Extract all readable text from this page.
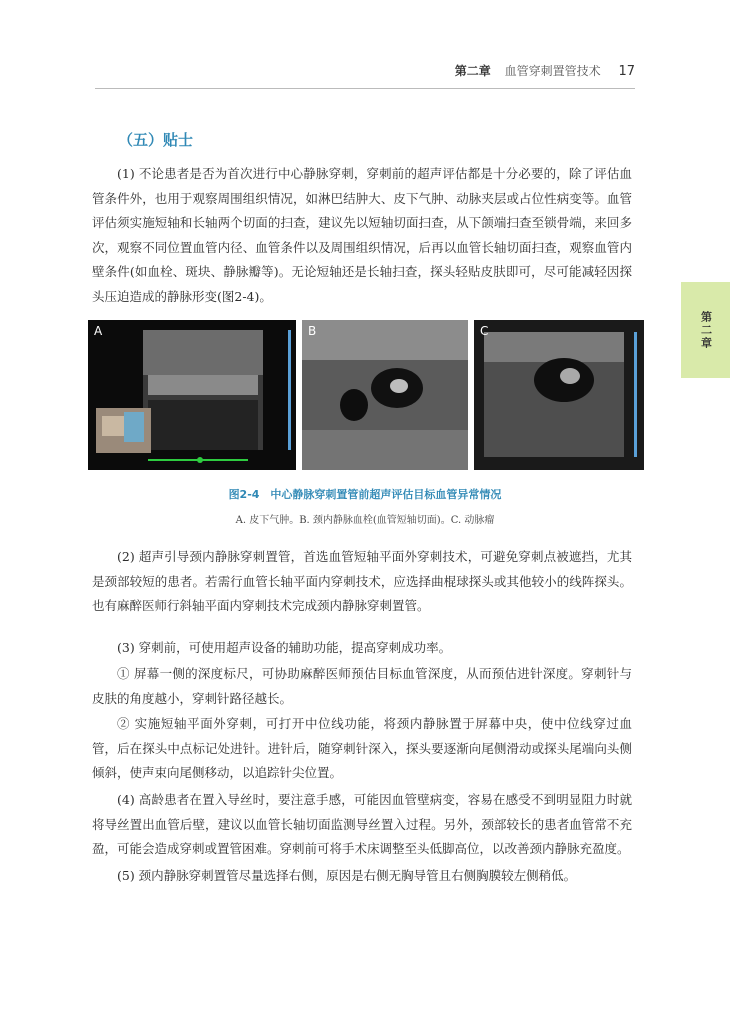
第二章 血管穿刺置管技术 17
第二章
（五）贴士

(1) 不论患者是否为首次进行中心静脉穿刺，穿刺前的超声评估都是十分必要的，除了评估血管条件外，也用于观察周围组织情况，如淋巴结肿大、皮下气肿、动脉夹层或占位性病变等。血管评估须实施短轴和长轴两个切面的扫查，建议先以短轴切面扫查，从下颌端扫查至锁骨端，来回多次，观察不同位置血管内径、血管条件以及周围组织情况，后再以血管长轴切面扫查，观察血管内壁条件(如血栓、斑块、静脉瓣等)。无论短轴还是长轴扫查，探头轻贴皮肤即可，尽可能减轻因探头压迫造成的静脉形变(图2-4)。

A	B	C
图2-4　中心静脉穿刺置管前超声评估目标血管异常情况
A. 皮下气肿。B. 颈内静脉血栓(血管短轴切面)。C. 动脉瘤

(2) 超声引导颈内静脉穿刺置管，首选血管短轴平面外穿刺技术，可避免穿刺点被遮挡，尤其是颈部较短的患者。若需行血管长轴平面内穿刺技术，应选择曲棍球探头或其他较小的线阵探头。也有麻醉医师行斜轴平面内穿刺技术完成颈内静脉穿刺置管。

(3) 穿刺前，可使用超声设备的辅助功能，提高穿刺成功率。

① 屏幕一侧的深度标尺，可协助麻醉医师预估目标血管深度，从而预估进针深度。穿刺针与皮肤的角度越小，穿刺针路径越长。

② 实施短轴平面外穿刺，可打开中位线功能，将颈内静脉置于屏幕中央，使中位线穿过血管，后在探头中点标记处进针。进针后，随穿刺针深入，探头要逐渐向尾侧滑动或探头尾端向头侧倾斜，使声束向尾侧移动，以追踪针尖位置。

(4) 高龄患者在置入导丝时，要注意手感，可能因血管壁病变，容易在感受不到明显阻力时就将导丝置出血管后壁，建议以血管长轴切面监测导丝置入过程。另外，颈部较长的患者血管常不充盈，可能会造成穿刺或置管困难。穿刺前可将手术床调整至头低脚高位，以改善颈内静脉充盈度。

(5) 颈内静脉穿刺置管尽量选择右侧，原因是右侧无胸导管且右侧胸膜较左侧稍低。
